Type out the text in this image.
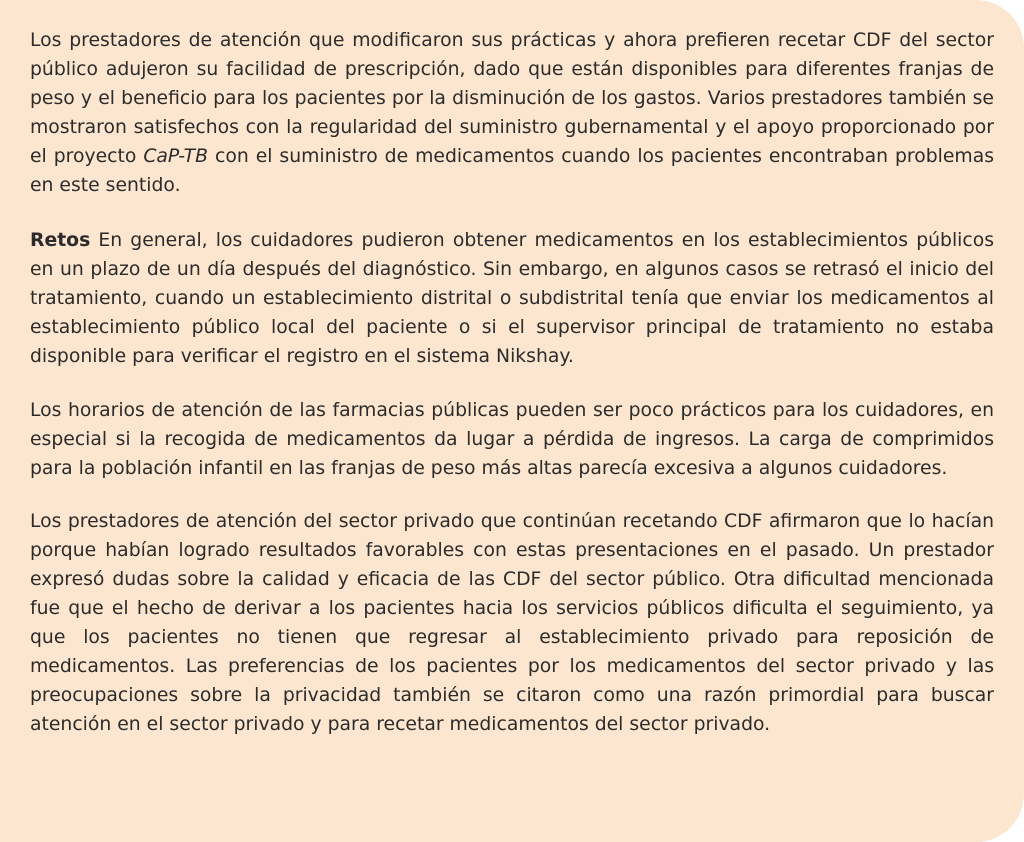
Los prestadores de atención que modificaron sus prácticas y ahora prefieren recetar CDF del sector público adujeron su facilidad de prescripción, dado que están disponibles para diferentes franjas de peso y el beneficio para los pacientes por la disminución de los gastos. Varios prestadores también se mostraron satisfechos con la regularidad del suministro gubernamental y el apoyo proporcionado por el proyecto CaP-TB con el suministro de medicamentos cuando los pacientes encontraban problemas en este sentido.

Retos En general, los cuidadores pudieron obtener medicamentos en los establecimientos públicos en un plazo de un día después del diagnóstico. Sin embargo, en algunos casos se retrasó el inicio del tratamiento, cuando un establecimiento distrital o subdistrital tenía que enviar los medicamentos al establecimiento público local del paciente o si el supervisor principal de tratamiento no estaba disponible para verificar el registro en el sistema Nikshay.

Los horarios de atención de las farmacias públicas pueden ser poco prácticos para los cuidadores, en especial si la recogida de medicamentos da lugar a pérdida de ingresos. La carga de comprimidos para la población infantil en las franjas de peso más altas parecía excesiva a algunos cuidadores.

Los prestadores de atención del sector privado que continúan recetando CDF afirmaron que lo hacían porque habían logrado resultados favorables con estas presentaciones en el pasado. Un prestador expresó dudas sobre la calidad y eficacia de las CDF del sector público. Otra dificultad mencionada fue que el hecho de derivar a los pacientes hacia los servicios públicos dificulta el seguimiento, ya que los pacientes no tienen que regresar al establecimiento privado para reposición de medicamentos. Las preferencias de los pacientes por los medicamentos del sector privado y las preocupaciones sobre la privacidad también se citaron como una razón primordial para buscar atención en el sector privado y para recetar medicamentos del sector privado.
